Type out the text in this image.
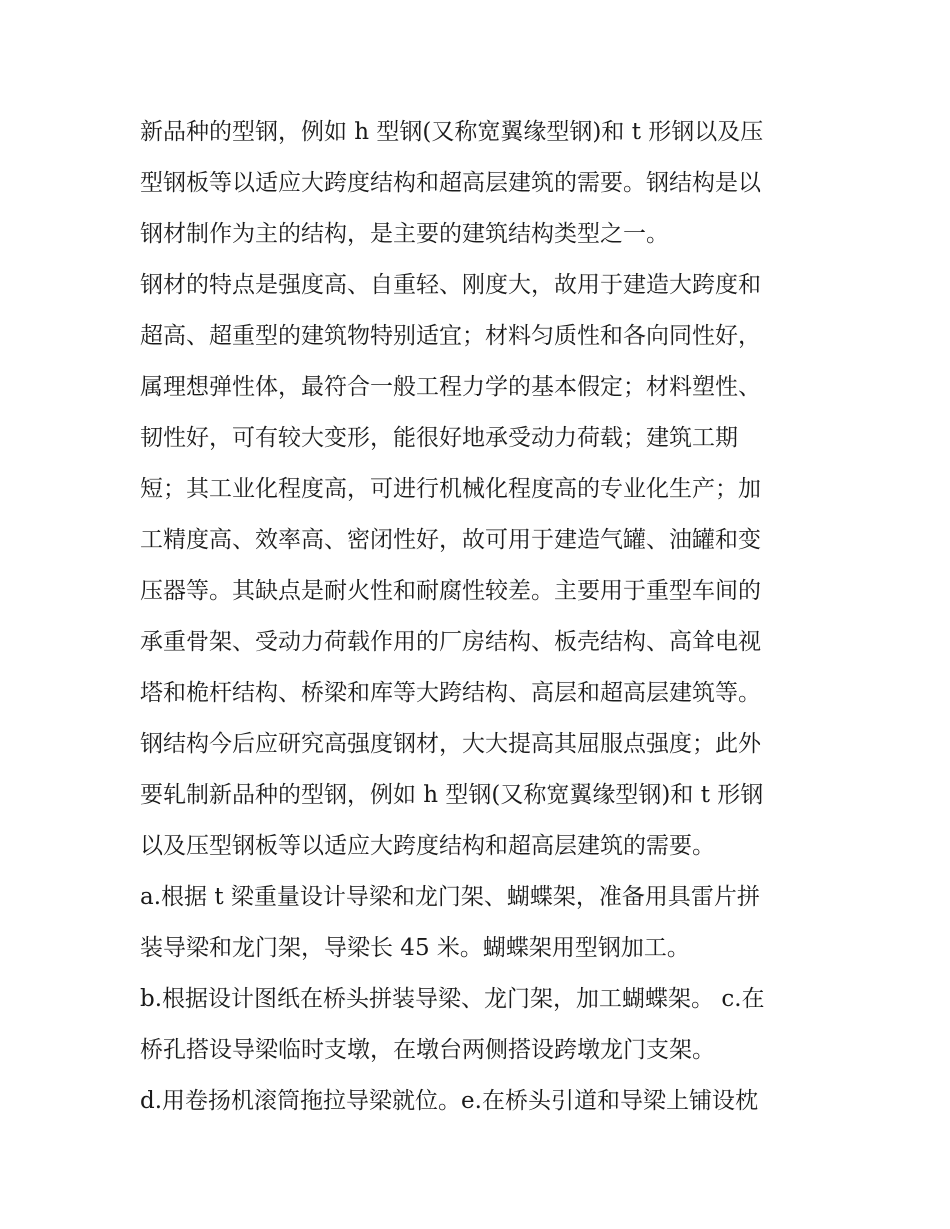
新品种的型钢，例如 h 型钢(又称宽翼缘型钢)和 t 形钢以及压
型钢板等以适应大跨度结构和超高层建筑的需要。钢结构是以
钢材制作为主的结构，是主要的建筑结构类型之一。
钢材的特点是强度高、自重轻、刚度大，故用于建造大跨度和
超高、超重型的建筑物特别适宜；材料匀质性和各向同性好，
属理想弹性体，最符合一般工程力学的基本假定；材料塑性、
韧性好，可有较大变形，能很好地承受动力荷载；建筑工期
短；其工业化程度高，可进行机械化程度高的专业化生产；加
工精度高、效率高、密闭性好，故可用于建造气罐、油罐和变
压器等。其缺点是耐火性和耐腐性较差。主要用于重型车间的
承重骨架、受动力荷载作用的厂房结构、板壳结构、高耸电视
塔和桅杆结构、桥梁和库等大跨结构、高层和超高层建筑等。
钢结构今后应研究高强度钢材，大大提高其屈服点强度；此外
要轧制新品种的型钢，例如 h 型钢(又称宽翼缘型钢)和 t 形钢
以及压型钢板等以适应大跨度结构和超高层建筑的需要。
a.根据 t 梁重量设计导梁和龙门架、蝴蝶架，准备用具雷片拼
装导梁和龙门架，导梁长 45 米。蝴蝶架用型钢加工。
b.根据设计图纸在桥头拼装导梁、龙门架，加工蝴蝶架。 c.在
桥孔搭设导梁临时支墩，在墩台两侧搭设跨墩龙门支架。
d.用卷扬机滚筒拖拉导梁就位。e.在桥头引道和导梁上铺设枕
